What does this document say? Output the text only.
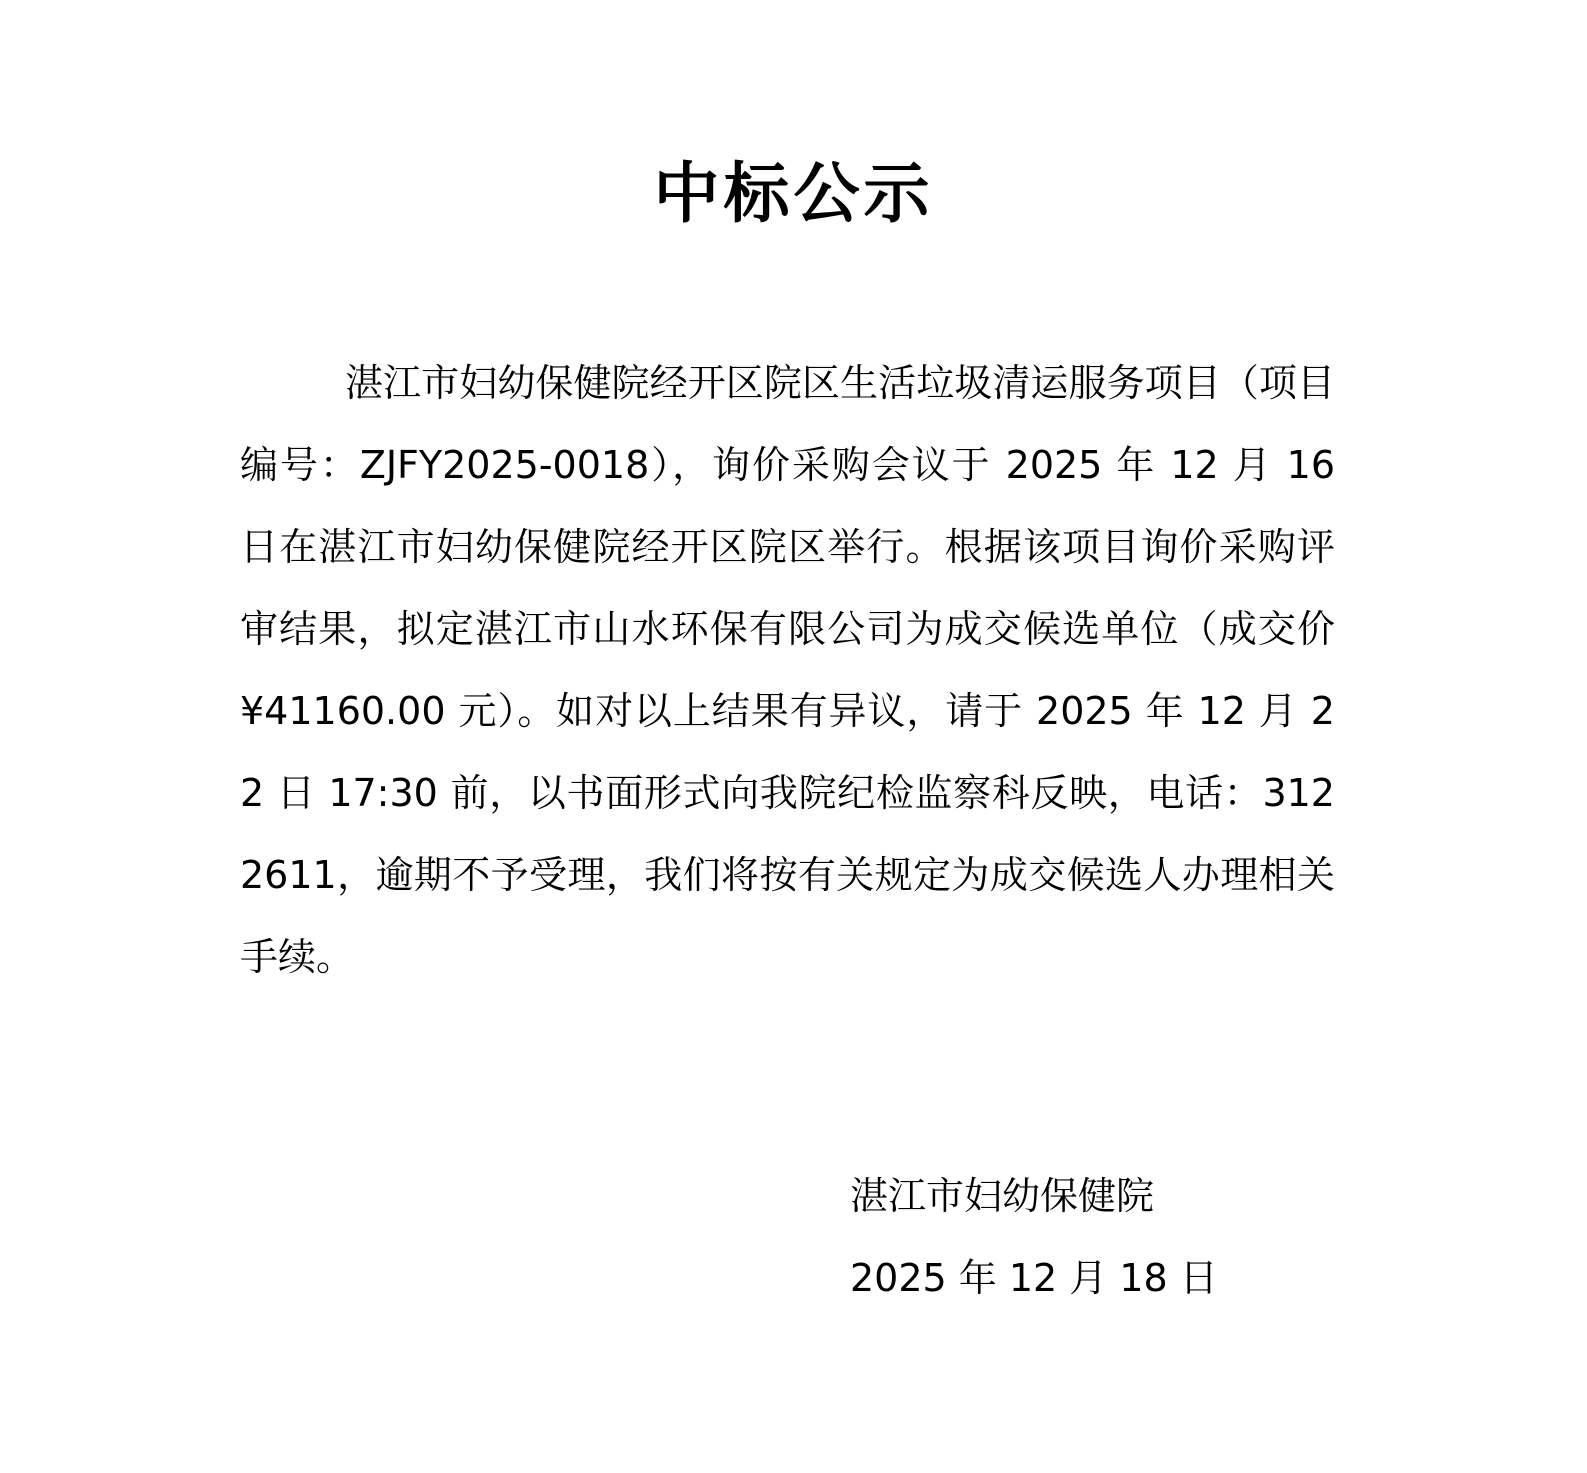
中标公示

湛江市妇幼保健院经开区院区生活垃圾清运服务项目（项目编号：ZJFY2025-0018），询价采购会议于 2025 年 12 月 16 日在湛江市妇幼保健院经开区院区举行。根据该项目询价采购评审结果，拟定湛江市山水环保有限公司为成交候选单位（成交价¥41160.00 元）。如对以上结果有异议，请于 2025 年 12 月 22 日 17:30 前，以书面形式向我院纪检监察科反映，电话：3122611，逾期不予受理，我们将按有关规定为成交候选人办理相关手续。

湛江市妇幼保健院
2025 年 12 月 18 日
